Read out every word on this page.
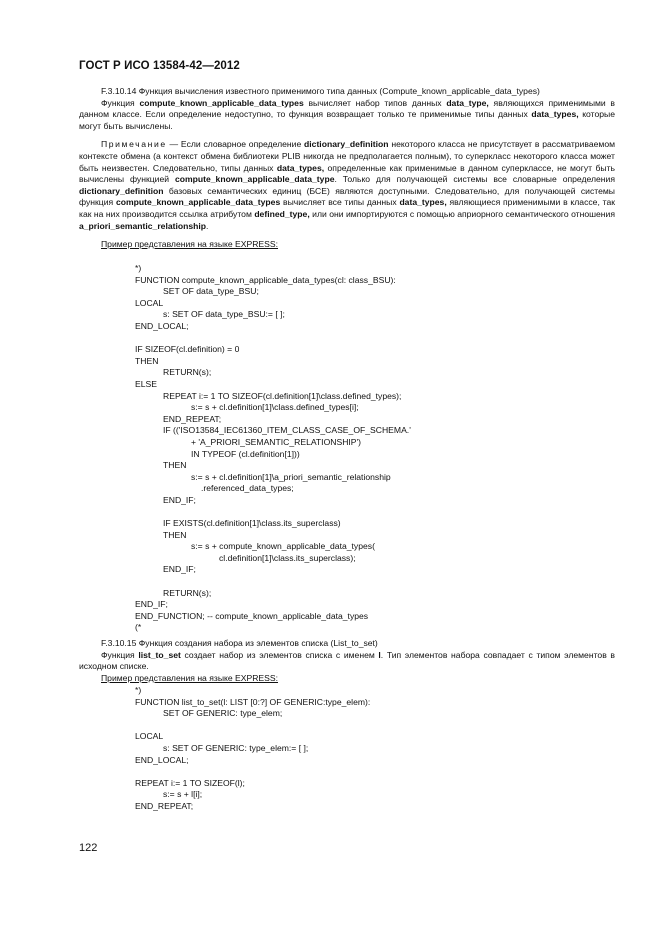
ГОСТ Р ИСО 13584-42—2012

F.3.10.14 Функция вычисления известного применимого типа данных (Compute_known_applicable_data_types)

Функция compute_known_applicable_data_types вычисляет набор типов данных data_type, являющихся применимыми в данном классе. Если определение недоступно, то функция возвращает только те применимые типы данных data_types, которые могут быть вычислены.

Примечание — Если словарное определение dictionary_definition некоторого класса не присутствует в рассматриваемом контексте обмена (а контекст обмена библиотеки PLIB никогда не предполагается полным), то суперкласс некоторого класса может быть неизвестен. Следовательно, типы данных data_types, определенные как применимые в данном суперклассе, не могут быть вычислены функцией compute_known_applicable_data_type. Только для получающей системы все словарные определения dictionary_definition базовых семантических единиц (БСЕ) являются доступными. Следовательно, для получающей системы функция compute_known_applicable_data_types вычисляет все типы данных data_types, являющиеся применимыми в классе, так как на них производится ссылка атрибутом defined_type, или они импортируются с помощью априорного семантического отношения a_priori_semantic_relationship.

Пример представления на языке EXPRESS:

*)
FUNCTION compute_known_applicable_data_types(cl: class_BSU):
SET OF data_type_BSU;
LOCAL
s: SET OF data_type_BSU:= [ ];
END_LOCAL;
IF SIZEOF(cl.definition) = 0
THEN
RETURN(s);
ELSE
REPEAT i:= 1 TO SIZEOF(cl.definition[1]\class.defined_types);
s:= s + cl.definition[1]\class.defined_types[i];
END_REPEAT;
IF (('ISO13584_IEC61360_ITEM_CLASS_CASE_OF_SCHEMA.'
+ 'A_PRIORI_SEMANTIC_RELATIONSHIP')
IN TYPEOF (cl.definition[1]))
THEN
s:= s + cl.definition[1]\a_priori_semantic_relationship
.referenced_data_types;
END_IF;
IF EXISTS(cl.definition[1]\class.its_superclass)
THEN
s:= s + compute_known_applicable_data_types(
cl.definition[1]\class.its_superclass);
END_IF;
RETURN(s);
END_IF;
END_FUNCTION; -- compute_known_applicable_data_types
(*

F.3.10.15 Функция создания набора из элементов списка (List_to_set)

Функция list_to_set создает набор из элементов списка с именем l. Тип элементов набора совпадает с типом элементов в исходном списке.

Пример представления на языке EXPRESS:

*)
FUNCTION list_to_set(l: LIST [0:?] OF GENERIC:type_elem):
SET OF GENERIC: type_elem;
LOCAL
s: SET OF GENERIC: type_elem:= [ ];
END_LOCAL;
REPEAT i:= 1 TO SIZEOF(l);
s:= s + l[i];
END_REPEAT;
122
